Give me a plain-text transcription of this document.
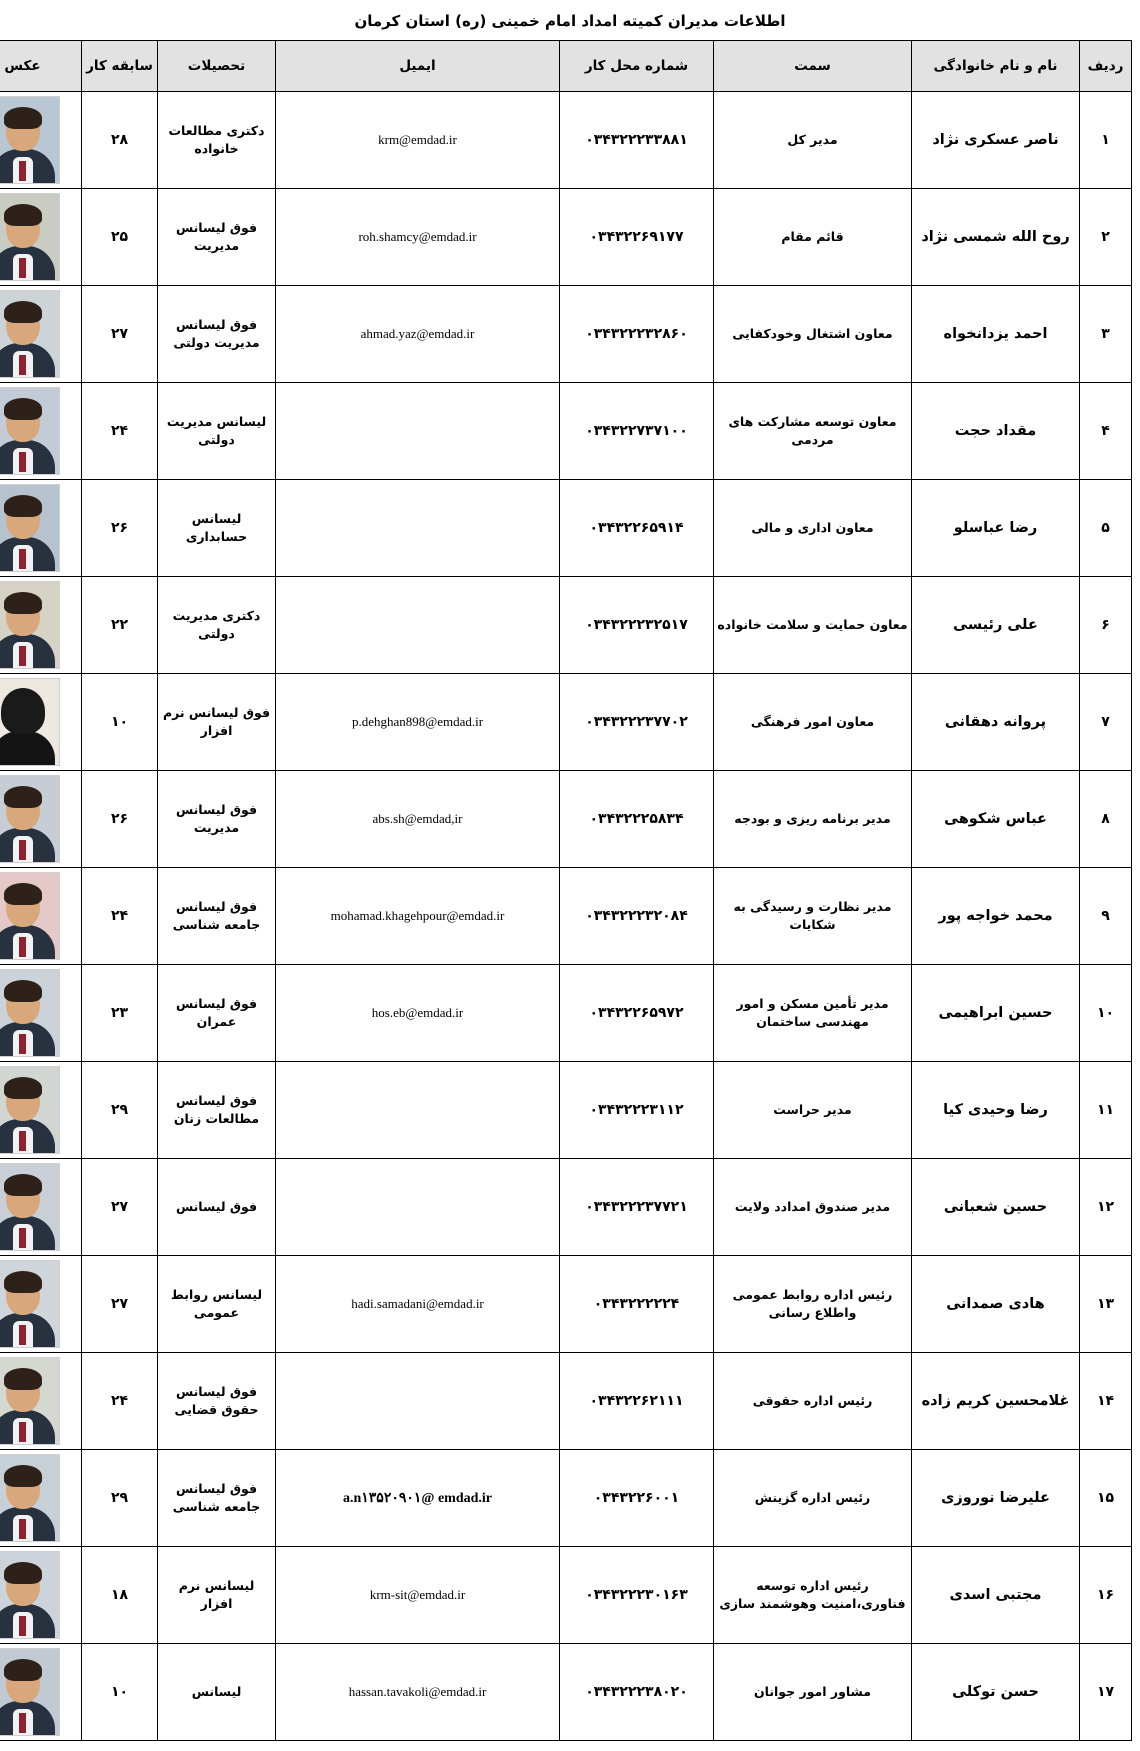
اطلاعات مدیران کمیته امداد امام خمینی (ره) استان کرمان
ردیف	نام و نام خانوادگی	سمت	شماره محل کار	ایمیل	تحصیلات	سابقه کار	عکس
۱	ناصر عسکری نژاد	مدیر کل	۰۳۴۳۲۲۲۳۳۸۸۱	krm@emdad.ir	دکتری مطالعات خانواده	۲۸	

۲	روح الله شمسی نژاد	قائم مقام	۰۳۴۳۲۲۶۹۱۷۷	roh.shamcy@emdad.ir	فوق لیسانس مدیریت	۲۵	

۳	احمد یزدانخواه	معاون اشتغال وخودکفایی	۰۳۴۳۲۲۲۳۲۸۶۰	ahmad.yaz@emdad.ir	فوق لیسانس مدیریت دولتی	۲۷	

۴	مقداد حجت	معاون توسعه مشارکت های مردمی	۰۳۴۳۲۲۷۳۷۱۰۰		لیسانس مدیریت دولتی	۲۴	

۵	رضا عباسلو	معاون اداری و مالی	۰۳۴۳۲۲۶۵۹۱۴		لیسانس حسابداری	۲۶	

۶	علی رئیسی	معاون حمایت و سلامت خانواده	۰۳۴۳۲۲۲۳۲۵۱۷		دکتری مدیریت دولتی	۲۲	

۷	پروانه دهقانی	معاون امور فرهنگی	۰۳۴۳۲۲۲۳۷۷۰۲	p.dehghan898@emdad.ir	فوق لیسانس نرم افزار	۱۰	

۸	عباس شکوهی	مدیر برنامه ریزی و بودجه	۰۳۴۳۲۲۲۵۸۳۴	abs.sh@emdad,ir	فوق لیسانس مدیریت	۲۶	

۹	محمد خواجه پور	مدیر نظارت و رسیدگی به شکایات	۰۳۴۳۲۲۲۳۲۰۸۴	mohamad.khagehpour@emdad.ir	فوق لیسانس جامعه شناسی	۲۴	

۱۰	حسین ابراهیمی	مدیر تأمین مسکن و امور مهندسی ساختمان	۰۳۴۳۲۲۶۵۹۷۲	hos.eb@emdad.ir	فوق لیسانس عمران	۲۳	

۱۱	رضا وحیدی کیا	مدیر حراست	۰۳۴۳۲۲۲۳۱۱۲		فوق لیسانس مطالعات زنان	۲۹	

۱۲	حسین شعبانی	مدیر صندوق امدادد ولایت	۰۳۴۳۲۲۲۳۷۷۲۱		فوق لیسانس	۲۷	

۱۳	هادی صمدانی	رئیس اداره روابط عمومی واطلاع رسانی	۰۳۴۳۲۲۲۲۲۴	hadi.samadani@emdad.ir	لیسانس روابط عمومی	۲۷	

۱۴	غلامحسین کریم زاده	رئیس اداره حقوقی	۰۳۴۳۲۲۶۲۱۱۱		فوق لیسانس حقوق قضایی	۲۴	

۱۵	علیرضا نوروزی	رئیس اداره گزینش	۰۳۴۳۲۲۶۰۰۱	a.n۱۳۵۲۰۹۰۱@ emdad.ir	فوق لیسانس جامعه شناسی	۲۹	

۱۶	مجتبی اسدی	رئیس اداره توسعه فناوری،امنیت وهوشمند سازی	۰۳۴۳۲۲۲۳۰۱۶۳	krm-sit@emdad.ir	لیسانس نرم افزار	۱۸	

۱۷	حسن توکلی	مشاور امور جوانان	۰۳۴۳۲۲۲۳۸۰۲۰	hassan.tavakoli@emdad.ir	لیسانس	۱۰	
